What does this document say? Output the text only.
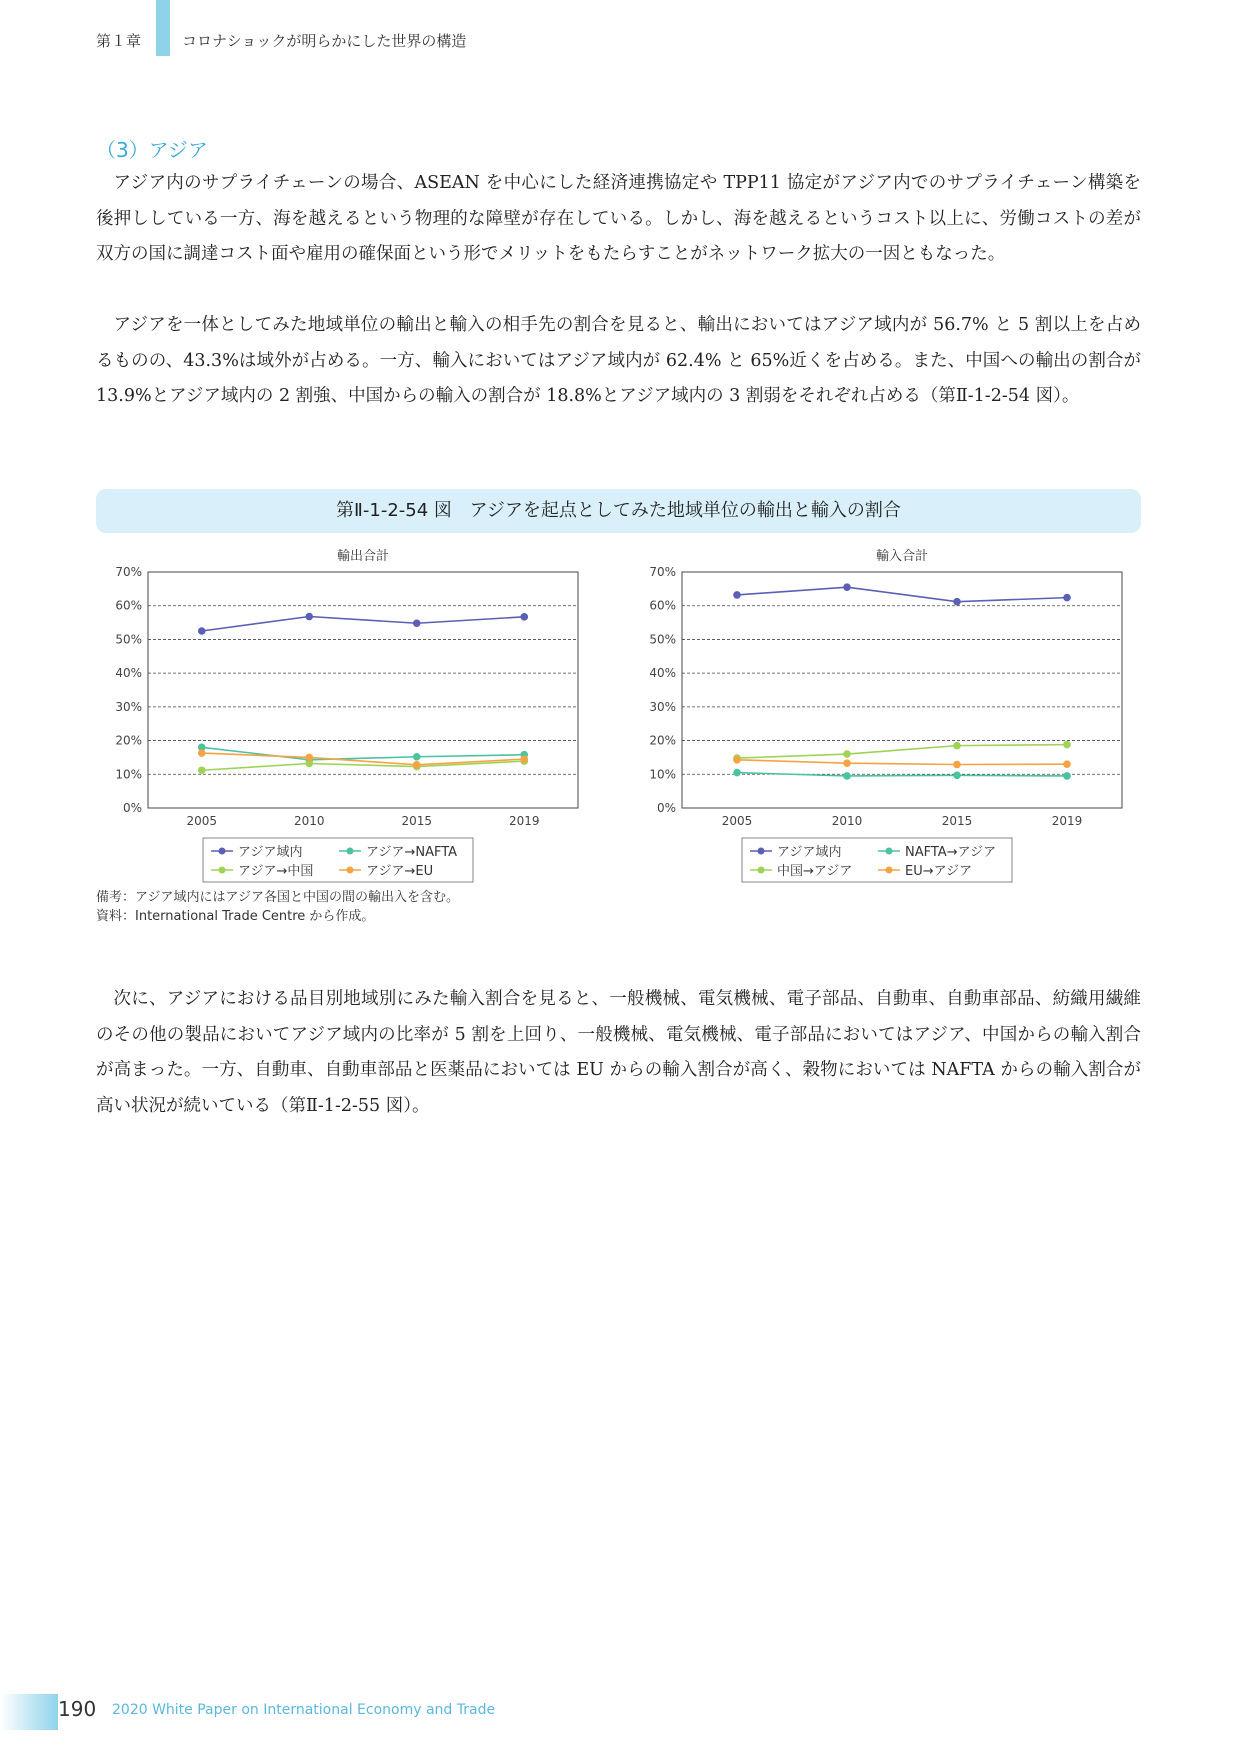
第１章	コロナショックが明らかにした世界の構造
（3）アジア

アジア内のサプライチェーンの場合、ASEAN を中心にした経済連携協定や TPP11 協定がアジア内でのサプライチェーン構築を後押ししている一方、海を越えるという物理的な障壁が存在している。しかし、海を越えるというコスト以上に、労働コストの差が双方の国に調達コスト面や雇用の確保面という形でメリットをもたらすことがネットワーク拡大の一因ともなった。

アジアを一体としてみた地域単位の輸出と輸入の相手先の割合を見ると、輸出においてはアジア域内が 56.7% と 5 割以上を占めるものの、43.3%は域外が占める。一方、輸入においてはアジア域内が 62.4% と 65%近くを占める。また、中国への輸出の割合が 13.9%とアジア域内の 2 割強、中国からの輸入の割合が 18.8%とアジア域内の 3 割弱をそれぞれ占める（第Ⅱ-1-2-54 図）。

第Ⅱ-1-2-54 図 アジアを起点としてみた地域単位の輸出と輸入の割合
輸出合計
0%
10%
20%
30%
40%
50%
60%
70%
2005	2010	2015	2019
アジア域内	アジア→NAFTA
アジア→中国	アジア→EU
輸入合計
0%
10%
20%
30%
40%
50%
60%
70%
2005	2010	2015	2019
アジア域内	NAFTA→アジア
中国→アジア	EU→アジア
備考：アジア域内にはアジア各国と中国の間の輸出入を含む。
資料：International Trade Centre から作成。

次に、アジアにおける品目別地域別にみた輸入割合を見ると、一般機械、電気機械、電子部品、自動車、自動車部品、紡織用繊維のその他の製品においてアジア域内の比率が 5 割を上回り、一般機械、電気機械、電子部品においてはアジア、中国からの輸入割合が高まった。一方、自動車、自動車部品と医薬品においては EU からの輸入割合が高く、穀物においては NAFTA からの輸入割合が高い状況が続いている（第Ⅱ-1-2-55 図）。

190 2020 White Paper on International Economy and Trade
